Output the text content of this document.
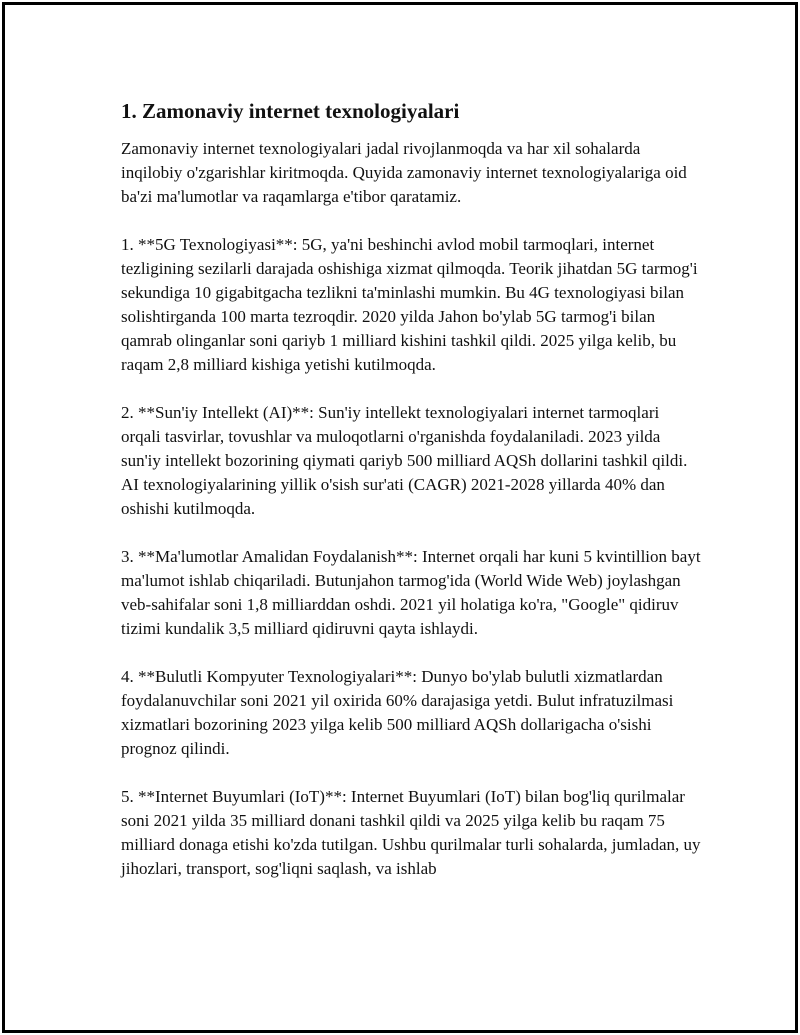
1. Zamonaviy internet texnologiyalari

Zamonaviy internet texnologiyalari jadal rivojlanmoqda va har xil sohalarda inqilobiy o'zgarishlar kiritmoqda. Quyida zamonaviy internet texnologiyalariga oid ba'zi ma'lumotlar va raqamlarga e'tibor qaratamiz.

1. **5G Texnologiyasi**: 5G, ya'ni beshinchi avlod mobil tarmoqlari, internet tezligining sezilarli darajada oshishiga xizmat qilmoqda. Teorik jihatdan 5G tarmog'i sekundiga 10 gigabitgacha tezlikni ta'minlashi mumkin. Bu 4G texnologiyasi bilan solishtirganda 100 marta tezroqdir. 2020 yilda Jahon bo'ylab 5G tarmog'i bilan qamrab olinganlar soni qariyb 1 milliard kishini tashkil qildi. 2025 yilga kelib, bu raqam 2,8 milliard kishiga yetishi kutilmoqda.

2. **Sun'iy Intellekt (AI)**: Sun'iy intellekt texnologiyalari internet tarmoqlari orqali tasvirlar, tovushlar va muloqotlarni o'rganishda foydalaniladi. 2023 yilda sun'iy intellekt bozorining qiymati qariyb 500 milliard AQSh dollarini tashkil qildi. AI texnologiyalarining yillik o'sish sur'ati (CAGR) 2021-2028 yillarda 40% dan oshishi kutilmoqda.

3. **Ma'lumotlar Amalidan Foydalanish**: Internet orqali har kuni 5 kvintillion bayt ma'lumot ishlab chiqariladi. Butunjahon tarmog'ida (World Wide Web) joylashgan veb-sahifalar soni 1,8 milliarddan oshdi. 2021 yil holatiga ko'ra, "Google" qidiruv tizimi kundalik 3,5 milliard qidiruvni qayta ishlaydi.

4. **Bulutli Kompyuter Texnologiyalari**: Dunyo bo'ylab bulutli xizmatlardan foydalanuvchilar soni 2021 yil oxirida 60% darajasiga yetdi. Bulut infratuzilmasi xizmatlari bozorining 2023 yilga kelib 500 milliard AQSh dollarigacha o'sishi prognoz qilindi.

5. **Internet Buyumlari (IoT)**: Internet Buyumlari (IoT) bilan bog'liq qurilmalar soni 2021 yilda 35 milliard donani tashkil qildi va 2025 yilga kelib bu raqam 75 milliard donaga etishi ko'zda tutilgan. Ushbu qurilmalar turli sohalarda, jumladan, uy jihozlari, transport, sog'liqni saqlash, va ishlab
